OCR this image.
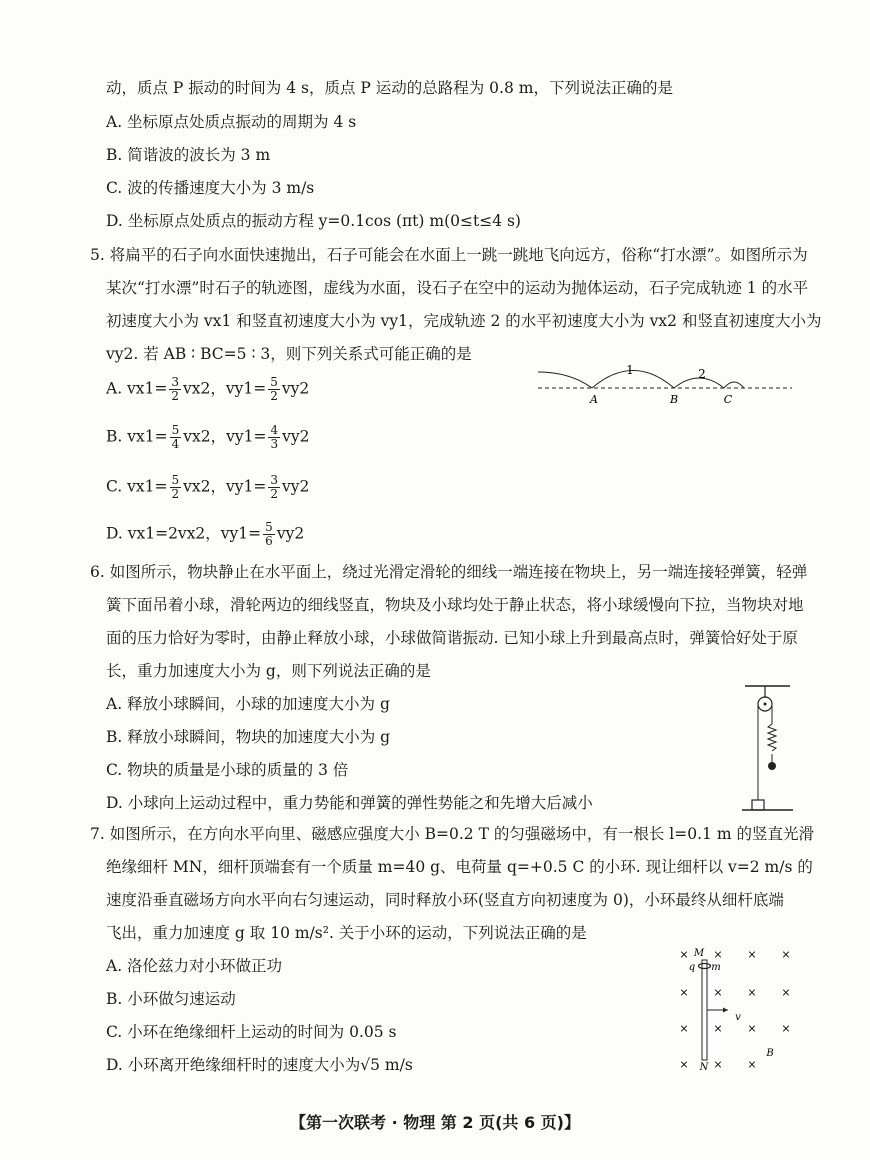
动，质点 P 振动的时间为 4 s，质点 P 运动的总路程为 0.8 m，下列说法正确的是
A. 坐标原点处质点振动的周期为 4 s
B. 简谐波的波长为 3 m
C. 波的传播速度大小为 3 m/s
D. 坐标原点处质点的振动方程 y=0.1cos (πt) m(0≤t≤4 s)
5. 将扁平的石子向水面快速抛出，石子可能会在水面上一跳一跳地飞向远方，俗称“打水漂”。如图所示为
某次“打水漂”时石子的轨迹图，虚线为水面，设石子在空中的运动为抛体运动，石子完成轨迹 1 的水平
初速度大小为 vx1 和竖直初速度大小为 vy1，完成轨迹 2 的水平初速度大小为 vx2 和竖直初速度大小为
vy2. 若 AB ∶ BC=5 ∶ 3，则下列关系式可能正确的是
A. $vx1= \frac{3}{2} vx2$，$vy1= \frac{5}{2} vy2$
B. $vx1= \frac{5}{4} vx2$，$vy1= \frac{4}{3} vy2$
C. $vx1= \frac{5}{2} vx2$，$vy1= \frac{3}{2} vy2$
D. vx1=2vx2，$vy1= \frac{5}{6} vy2$
1	2
A	B	C
6. 如图所示，物块静止在水平面上，绕过光滑定滑轮的细线一端连接在物块上，另一端连接轻弹簧，轻弹
簧下面吊着小球，滑轮两边的细线竖直，物块及小球均处于静止状态，将小球缓慢向下拉，当物块对地
面的压力恰好为零时，由静止释放小球，小球做简谐振动. 已知小球上升到最高点时，弹簧恰好处于原
长，重力加速度大小为 g，则下列说法正确的是
A. 释放小球瞬间，小球的加速度大小为 g
B. 释放小球瞬间，物块的加速度大小为 g
C. 物块的质量是小球的质量的 3 倍
D. 小球向上运动过程中，重力势能和弹簧的弹性势能之和先增大后减小
7. 如图所示，在方向水平向里、磁感应强度大小 B=0.2 T 的匀强磁场中，有一根长 l=0.1 m 的竖直光滑
绝缘细杆 MN，细杆顶端套有一个质量 m=40 g、电荷量 q=+0.5 C 的小环. 现让细杆以 v=2 m/s 的
速度沿垂直磁场方向水平向右匀速运动，同时释放小环(竖直方向初速度为 0)，小环最终从细杆底端
飞出，重力加速度 g 取 10 m/s². 关于小环的运动，下列说法正确的是
A. 洛伦兹力对小环做正功
B. 小环做匀速运动
C. 小环在绝缘细杆上运动的时间为 0.05 s
D. 小环离开绝缘细杆时的速度大小为√5 m/s
× × × ×
× × × ×
× × × ×
× × ×
M
q m
N
v
B
【第一次联考 · 物理 第 2 页(共 6 页)】
